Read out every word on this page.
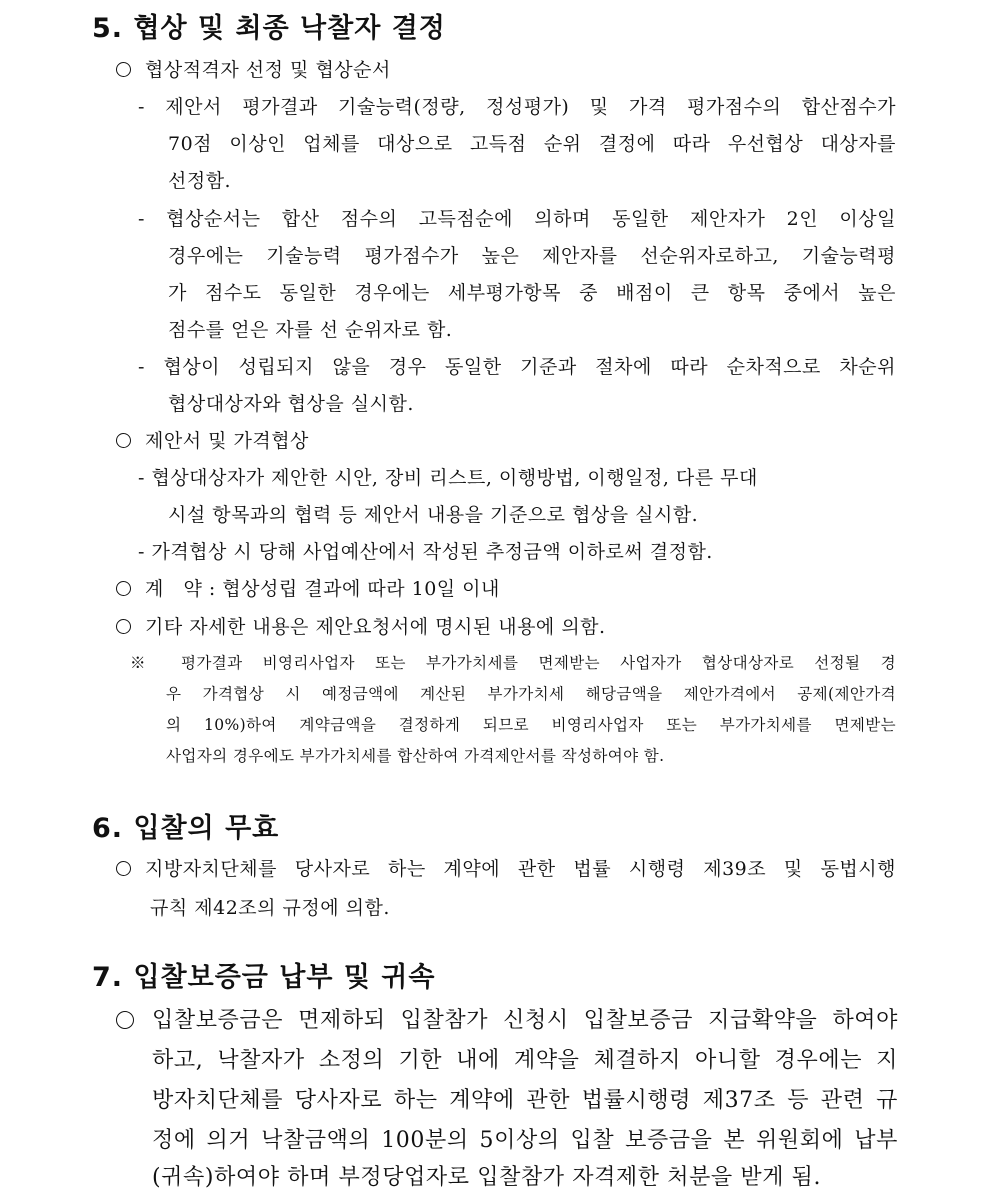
5. 협상 및 최종 낙찰자 결정
협상적격자 선정 및 협상순서
- 제안서 평가결과 기술능력(정량, 정성평가) 및 가격 평가점수의 합산점수가
70점 이상인 업체를 대상으로 고득점 순위 결정에 따라 우선협상 대상자를
선정함.
- 협상순서는 합산 점수의 고득점순에 의하며 동일한 제안자가 2인 이상일
경우에는 기술능력 평가점수가 높은 제안자를 선순위자로하고, 기술능력평
가 점수도 동일한 경우에는 세부평가항목 중 배점이 큰 항목 중에서 높은
점수를 얻은 자를 선 순위자로 함.
- 협상이 성립되지 않을 경우 동일한 기준과 절차에 따라 순차적으로 차순위
협상대상자와 협상을 실시함.
제안서 및 가격협상
- 협상대상자가 제안한 시안, 장비 리스트, 이행방법, 이행일정, 다른 무대
시설 항목과의 협력 등 제안서 내용을 기준으로 협상을 실시함.
- 가격협상 시 당해 사업예산에서 작성된 추정금액 이하로써 결정함.
계   약 : 협상성립 결과에 따라 10일 이내
기타 자세한 내용은 제안요청서에 명시된 내용에 의함.
※ 평가결과 비영리사업자 또는 부가가치세를 면제받는 사업자가 협상대상자로 선정될 경
우 가격협상 시 예정금액에 계산된 부가가치세 해당금액을 제안가격에서 공제(제안가격
의 10%)하여 계약금액을 결정하게 되므로 비영리사업자 또는 부가가치세를 면제받는
사업자의 경우에도 부가가치세를 합산하여 가격제안서를 작성하여야 함.
6. 입찰의 무효
지방자치단체를 당사자로 하는 계약에 관한 법률 시행령 제39조 및 동법시행
규칙 제42조의 규정에 의함.
7. 입찰보증금 납부 및 귀속
입찰보증금은 면제하되 입찰참가 신청시 입찰보증금 지급확약을 하여야
하고, 낙찰자가 소정의 기한 내에 계약을 체결하지 아니할 경우에는 지
방자치단체를 당사자로 하는 계약에 관한 법률시행령 제37조 등 관련 규
정에 의거 낙찰금액의 100분의 5이상의 입찰 보증금을 본 위원회에 납부
(귀속)하여야 하며 부정당업자로 입찰참가 자격제한 처분을 받게 됨.
